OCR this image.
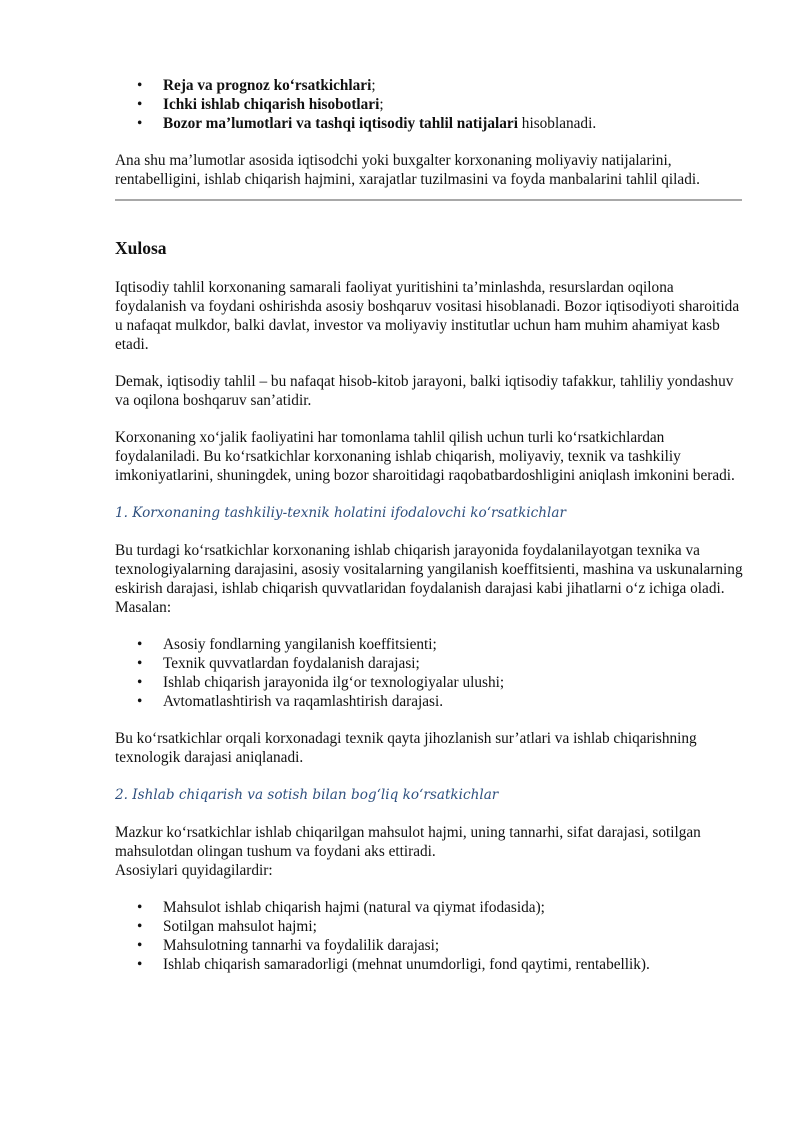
• Reja va prognoz ko‘rsatkichlari;
• Ichki ishlab chiqarish hisobotlari;
• Bozor ma’lumotlari va tashqi iqtisodiy tahlil natijalari hisoblanadi.

Ana shu ma’lumotlar asosida iqtisodchi yoki buxgalter korxonaning moliyaviy natijalarini, rentabelligini, ishlab chiqarish hajmini, xarajatlar tuzilmasini va foyda manbalarini tahlil qiladi.

Xulosa

Iqtisodiy tahlil korxonaning samarali faoliyat yuritishini ta’minlashda, resurslardan oqilona foydalanish va foydani oshirishda asosiy boshqaruv vositasi hisoblanadi. Bozor iqtisodiyoti sharoitida u nafaqat mulkdor, balki davlat, investor va moliyaviy institutlar uchun ham muhim ahamiyat kasb etadi.

Demak, iqtisodiy tahlil – bu nafaqat hisob-kitob jarayoni, balki iqtisodiy tafakkur, tahliliy yondashuv va oqilona boshqaruv san’atidir.

Korxonaning xo‘jalik faoliyatini har tomonlama tahlil qilish uchun turli ko‘rsatkichlardan foydalaniladi. Bu ko‘rsatkichlar korxonaning ishlab chiqarish, moliyaviy, texnik va tashkiliy imkoniyatlarini, shuningdek, uning bozor sharoitidagi raqobatbardoshligini aniqlash imkonini beradi.

1. Korxonaning tashkiliy-texnik holatini ifodalovchi ko‘rsatkichlar

Bu turdagi ko‘rsatkichlar korxonaning ishlab chiqarish jarayonida foydalanilayotgan texnika va texnologiyalarning darajasini, asosiy vositalarning yangilanish koeffitsienti, mashina va uskunalarning eskirish darajasi, ishlab chiqarish quvvatlaridan foydalanish darajasi kabi jihatlarni o‘z ichiga oladi.

Masalan:

• Asosiy fondlarning yangilanish koeffitsienti;
• Texnik quvvatlardan foydalanish darajasi;
• Ishlab chiqarish jarayonida ilg‘or texnologiyalar ulushi;
• Avtomatlashtirish va raqamlashtirish darajasi.

Bu ko‘rsatkichlar orqali korxonadagi texnik qayta jihozlanish sur’atlari va ishlab chiqarishning texnologik darajasi aniqlanadi.

2. Ishlab chiqarish va sotish bilan bog‘liq ko‘rsatkichlar

Mazkur ko‘rsatkichlar ishlab chiqarilgan mahsulot hajmi, uning tannarhi, sifat darajasi, sotilgan mahsulotdan olingan tushum va foydani aks ettiradi.

Asosiylari quyidagilardir:

• Mahsulot ishlab chiqarish hajmi (natural va qiymat ifodasida);
• Sotilgan mahsulot hajmi;
• Mahsulotning tannarhi va foydalilik darajasi;
• Ishlab chiqarish samaradorligi (mehnat unumdorligi, fond qaytimi, rentabellik).
